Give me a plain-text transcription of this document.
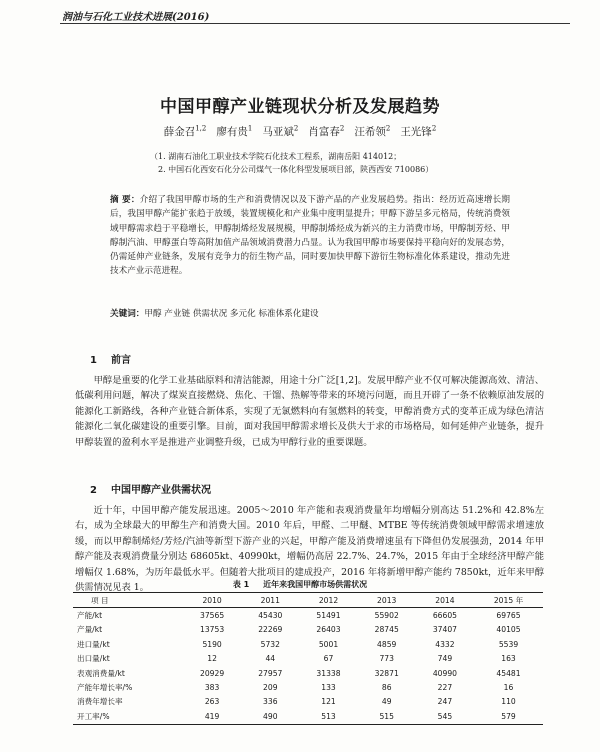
润油与石化工业技术进展(2016)
中国甲醇产业链现状分析及发展趋势
薛金召$^{1,2}$ 廖有贵$^1$ 马亚斌$^2$ 肖富春$^2$ 汪希领$^2$ 王光锋$^2$
（1. 湖南石油化工职业技术学院石化技术工程系，湖南岳阳 414012；
2. 中国石化西安石化分公司煤气一体化科型发展项目部，陕西西安 710086）
摘 要：介绍了我国甲醇市场的生产和消费情况以及下游产品的产业发展趋势。指出：经历近高速增长期后，我国甲醇产能扩张趋于放缓，装置规模化和产业集中度明显提升；甲醇下游呈多元格局，传统消费领域甲醇需求趋于平稳增长，甲醇制烯烃发展规模，甲醇制烯烃成为新兴的主力消费市场，甲醇制芳烃、甲醇制汽油、甲醇蛋白等高附加值产品领域消费潜力凸显。认为我国甲醇市场要保持平稳向好的发展态势，仍需延伸产业链条，发展有竞争力的衍生物产品，同时要加快甲醇下游衍生物标准化体系建设，推动先进技术产业示范进程。
关键词：甲醇 产业链 供需状况 多元化 标准体系化建设
1 前言
甲醇是重要的化学工业基础原料和清洁能源，用途十分广泛[1,2]。发展甲醇产业不仅可解决能源高效、清洁、低碳利用问题，解决了煤炭直接燃烧、焦化、干馏、热解等带来的环境污问题，而且开辟了一条不依赖原油发展的能源化工新路线，各种产业链合新体系，实现了无氯燃料向有氢燃料的转变，甲醇消费方式的变革正成为绿色清洁能源化二氧化碳建设的重要引擎。目前，面对我国甲醇需求增长及供大于求的市场格局，如何延伸产业链条，提升甲醇装置的盈利水平是推进产业调整升级，已成为甲醇行业的重要课题。
2 中国甲醇产业供需状况
近十年，中国甲醇产能发展迅速。2005～2010 年产能和表观消费量年均增幅分别高达 51.2%和 42.8%左右，成为全球最大的甲醇生产和消费大国。2010 年后，甲醛、二甲醚、MTBE 等传统消费领域甲醇需求增速放缓，而以甲醇制烯烃/芳烃/汽油等新型下游产业的兴起，甲醇产能及消费增速虽有下降但仍发展强劲，2014 年甲醇产能及表观消费量分别达 68605kt、40990kt，增幅仍高居 22.7%、24.7%，2015 年由于全球经济甲醇产能增幅仅 1.68%，为历年最低水平。但随着大批项目的建成投产，2016 年将新增甲醇产能约 7850kt，近年来甲醇供需情况见表 1。	表 1 近年来我国甲醇市场供需状况
项 目	2010	2011	2012	2013	2014	2015 年
产能/kt	37565	45430	51491	55902	66605	69765
产量/kt	13753	22269	26403	28745	37407	40105
进口量/kt	5190	5732	5001	4859	4332	5539
出口量/kt	12	44	67	773	749	163
表观消费量/kt	20929	27957	31338	32871	40990	45481
产能年增长率/%	383	209	133	86	227	16
消费年增长率	263	336	121	49	247	110
开工率/%	419	490	513	515	545	579
